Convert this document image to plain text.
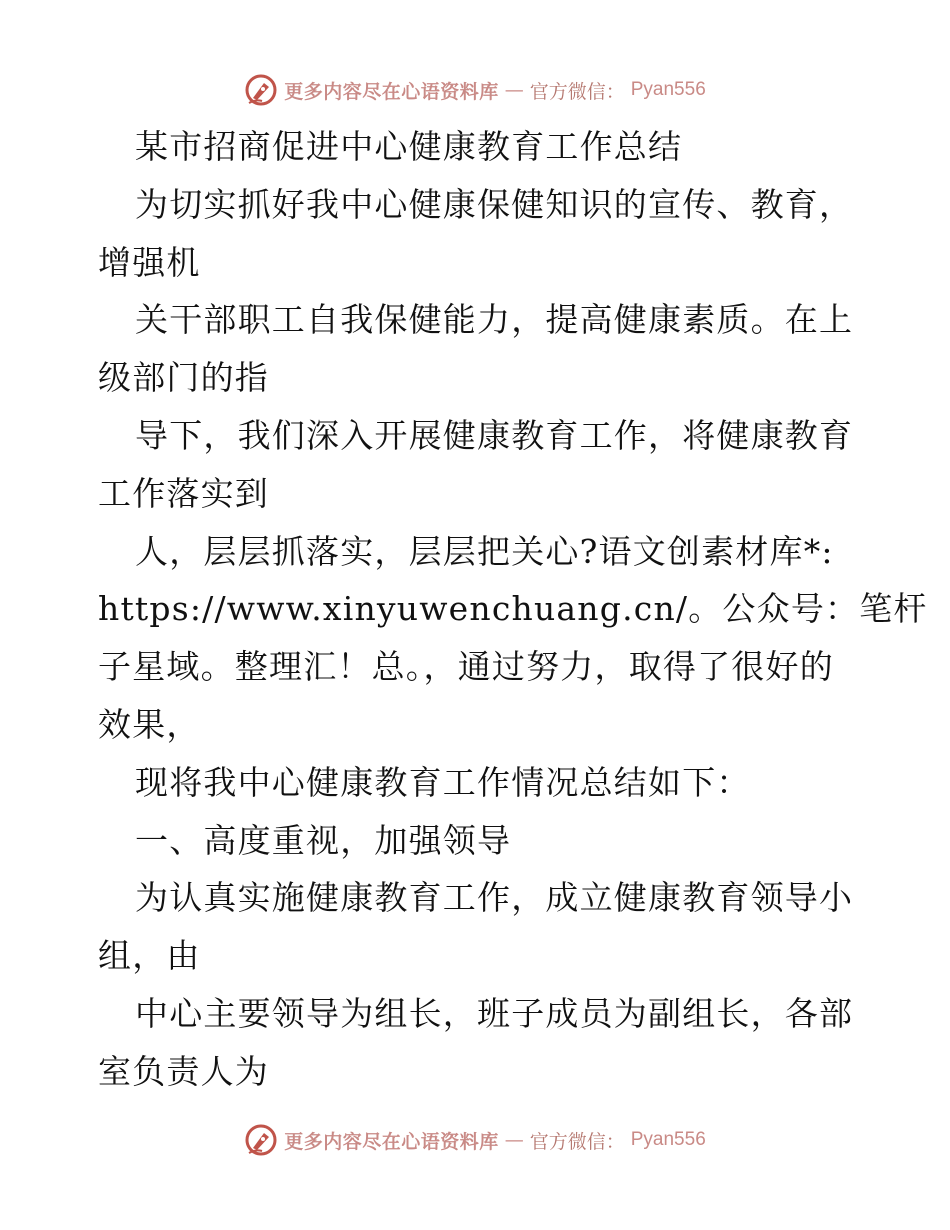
更多内容尽在心语资料库 — 官方微信： Pyan556
某市招商促进中心健康教育工作总结
为切实抓好我中心健康保健知识的宣传、教育，
增强机
关干部职工自我保健能力，提高健康素质。在上
级部门的指
导下，我们深入开展健康教育工作，将健康教育
工作落实到
人，层层抓落实，层层把关心?语文创素材库*:
https://www.xinyuwenchuang.cn/。公众号：笔杆
子星域。整理汇！总。，通过努力，取得了很好的
效果，
现将我中心健康教育工作情况总结如下：
一、高度重视，加强领导
为认真实施健康教育工作，成立健康教育领导小
组，由
中心主要领导为组长，班子成员为副组长，各部
室负责人为
更多内容尽在心语资料库 — 官方微信： Pyan556
